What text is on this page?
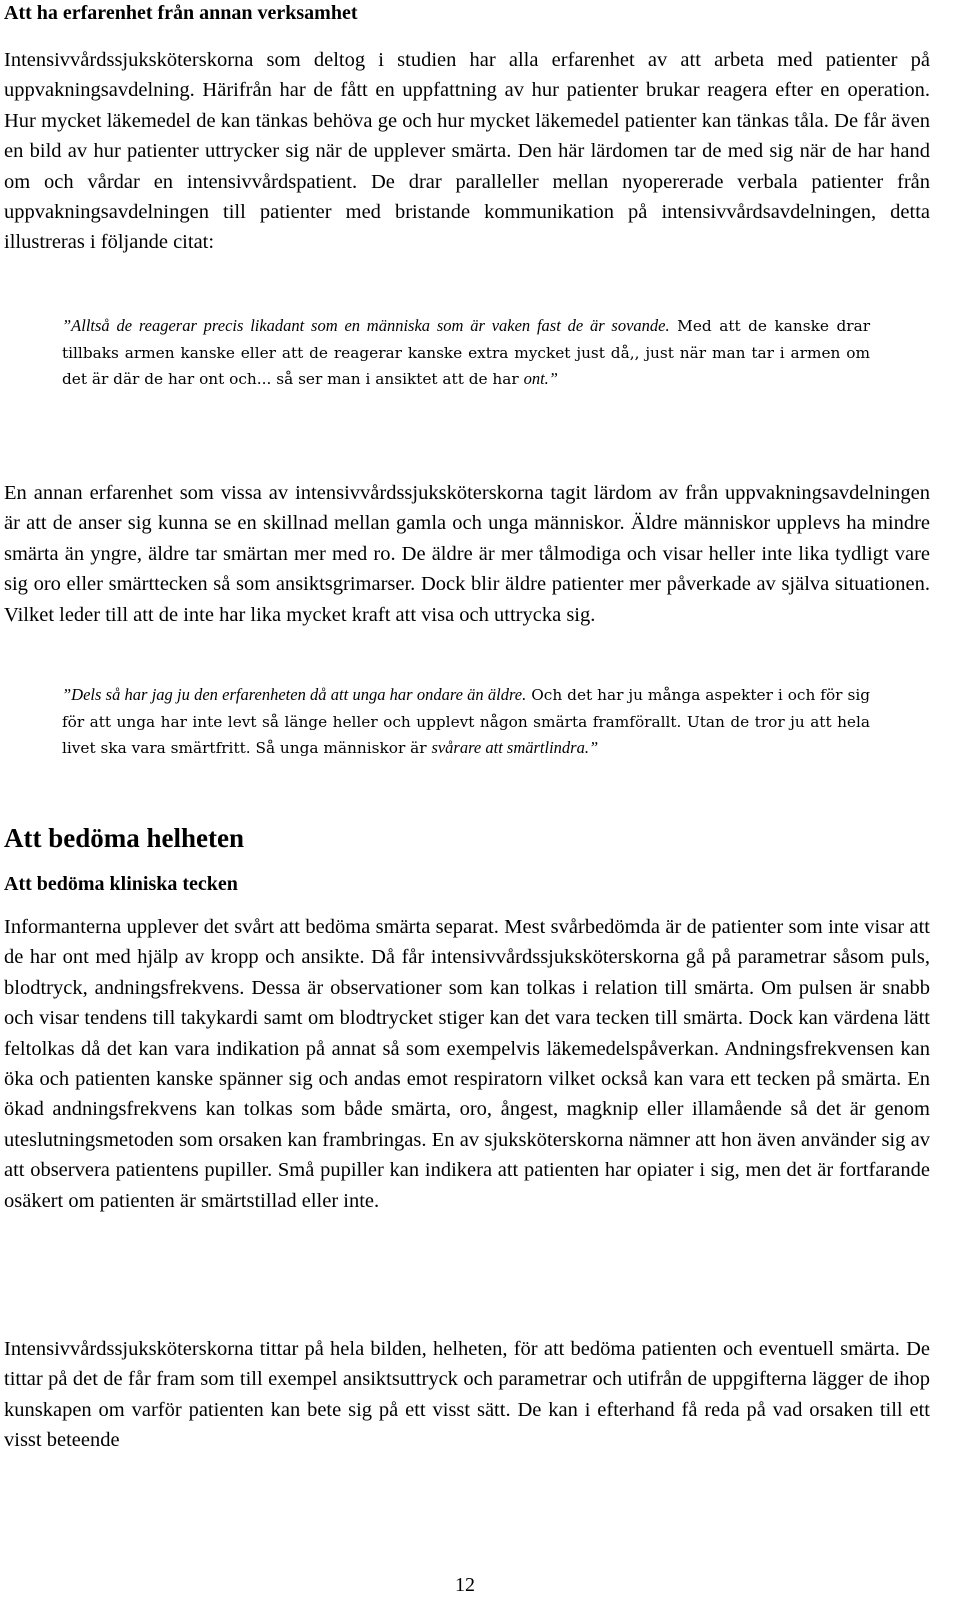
Att ha erfarenhet från annan verksamhet

Intensivvårdssjuksköterskorna som deltog i studien har alla erfarenhet av att arbeta med patienter på uppvakningsavdelning. Härifrån har de fått en uppfattning av hur patienter brukar reagera efter en operation. Hur mycket läkemedel de kan tänkas behöva ge och hur mycket läkemedel patienter kan tänkas tåla. De får även en bild av hur patienter uttrycker sig när de upplever smärta. Den här lärdomen tar de med sig när de har hand om och vårdar en intensivvårdspatient. De drar paralleller mellan nyopererade verbala patienter från uppvakningsavdelningen till patienter med bristande kommunikation på intensivvårdsavdelningen, detta illustreras i följande citat:

”Alltså de reagerar precis likadant som en människa som är vaken fast de är sovande. Med att de kanske drar tillbaks armen kanske eller att de reagerar kanske extra mycket just då,, just när man tar i armen om det är där de har ont och... så ser man i ansiktet att de har ont.”

En annan erfarenhet som vissa av intensivvårdssjuksköterskorna tagit lärdom av från uppvakningsavdelningen är att de anser sig kunna se en skillnad mellan gamla och unga människor. Äldre människor upplevs ha mindre smärta än yngre, äldre tar smärtan mer med ro. De äldre är mer tålmodiga och visar heller inte lika tydligt vare sig oro eller smärttecken så som ansiktsgrimarser. Dock blir äldre patienter mer påverkade av själva situationen. Vilket leder till att de inte har lika mycket kraft att visa och uttrycka sig.

”Dels så har jag ju den erfarenheten då att unga har ondare än äldre. Och det har ju många aspekter i och för sig för att unga har inte levt så länge heller och upplevt någon smärta framförallt. Utan de tror ju att hela livet ska vara smärtfritt. Så unga människor är svårare att smärtlindra.”
Att bedöma helheten
Att bedöma kliniska tecken

Informanterna upplever det svårt att bedöma smärta separat. Mest svårbedömda är de patienter som inte visar att de har ont med hjälp av kropp och ansikte. Då får intensivvårdssjuksköterskorna gå på parametrar såsom puls, blodtryck, andningsfrekvens. Dessa är observationer som kan tolkas i relation till smärta. Om pulsen är snabb och visar tendens till takykardi samt om blodtrycket stiger kan det vara tecken till smärta. Dock kan värdena lätt feltolkas då det kan vara indikation på annat så som exempelvis läkemedelspåverkan. Andningsfrekvensen kan öka och patienten kanske spänner sig och andas emot respiratorn vilket också kan vara ett tecken på smärta. En ökad andningsfrekvens kan tolkas som både smärta, oro, ångest, magknip eller illamående så det är genom uteslutningsmetoden som orsaken kan frambringas. En av sjuksköterskorna nämner att hon även använder sig av att observera patientens pupiller. Små pupiller kan indikera att patienten har opiater i sig, men det är fortfarande osäkert om patienten är smärtstillad eller inte.

Intensivvårdssjuksköterskorna tittar på hela bilden, helheten, för att bedöma patienten och eventuell smärta. De tittar på det de får fram som till exempel ansiktsuttryck och parametrar och utifrån de uppgifterna lägger de ihop kunskapen om varför patienten kan bete sig på ett visst sätt. De kan i efterhand få reda på vad orsaken till ett visst beteende

12
